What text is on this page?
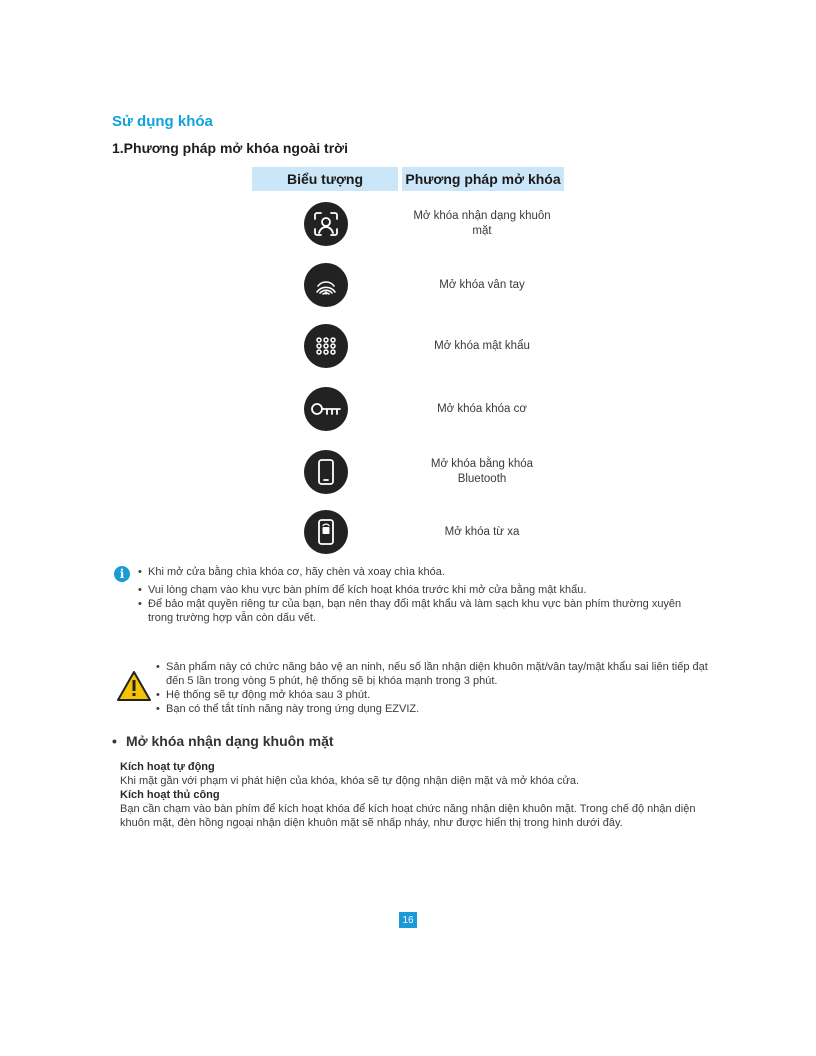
Sử dụng khóa
1.Phương pháp mở khóa ngoài trời
Biểu tượng	Phương pháp mở khóa
Mở khóa nhận dạng khuôn mặt
Mở khóa vân tay
Mở khóa mật khẩu
Mở khóa khóa cơ
Mở khóa bằng khóa Bluetooth
Mở khóa từ xa
i
•	Khi mở cửa bằng chìa khóa cơ, hãy chèn và xoay chìa khóa.
• Vui lòng chạm vào khu vực bàn phím để kích hoạt khóa trước khi mở cửa bằng mật khẩu.
• Để bảo mật quyền riêng tư của bạn, bạn nên thay đổi mật khẩu và làm sạch khu vực bàn phím thường xuyên trong trường hợp vẫn còn dấu vết.
• Sản phẩm này có chức năng bảo vệ an ninh, nếu số lần nhận diện khuôn mặt/vân tay/mật khẩu sai liên tiếp đạt đến 5 lần trong vòng 5 phút, hệ thống sẽ bị khóa mạnh trong 3 phút.
• Hệ thống sẽ tự động mở khóa sau 3 phút.
• Bạn có thể tắt tính năng này trong ứng dụng EZVIZ.
• Mở khóa nhận dạng khuôn mặt
Kích hoạt tự động
Khi mặt gần với phạm vi phát hiện của khóa, khóa sẽ tự động nhận diện mặt và mở khóa cửa.
Kích hoạt thủ công
Bạn cần chạm vào bàn phím để kích hoạt khóa để kích hoạt chức năng nhận diện khuôn mặt. Trong chế độ nhận diện khuôn mặt, đèn hồng ngoại nhận diện khuôn mặt sẽ nhấp nháy, như được hiển thị trong hình dưới đây.
16
